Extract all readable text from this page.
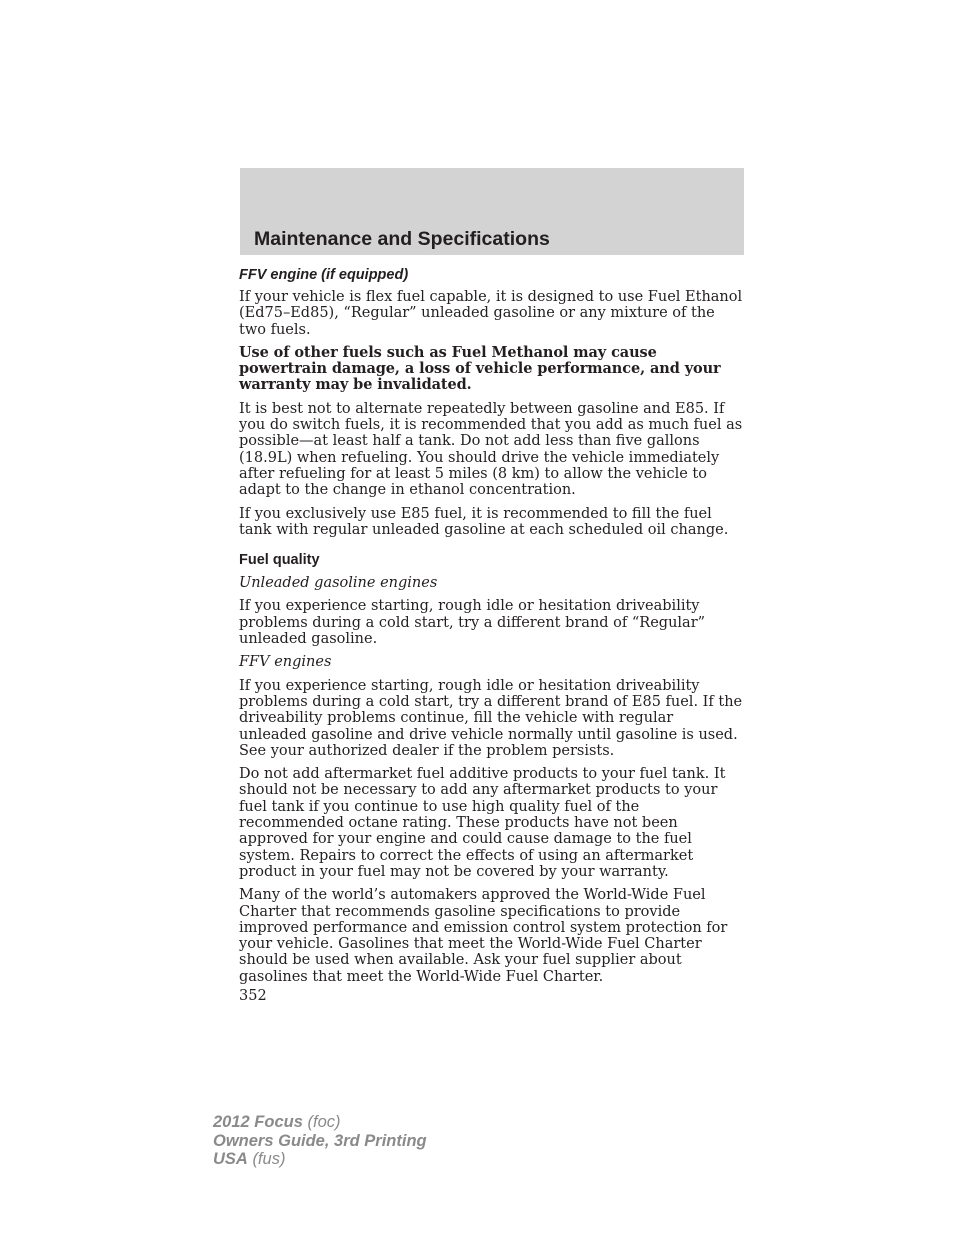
Maintenance and Specifications
FFV engine (if equipped)

If your vehicle is flex fuel capable, it is designed to use Fuel Ethanol (Ed75–Ed85), “Regular” unleaded gasoline or any mixture of the two fuels.

Use of other fuels such as Fuel Methanol may cause powertrain damage, a loss of vehicle performance, and your warranty may be invalidated.

It is best not to alternate repeatedly between gasoline and E85. If you do switch fuels, it is recommended that you add as much fuel as possible—at least half a tank. Do not add less than five gallons (18.9L) when refueling. You should drive the vehicle immediately after refueling for at least 5 miles (8 km) to allow the vehicle to adapt to the change in ethanol concentration.

If you exclusively use E85 fuel, it is recommended to fill the fuel tank with regular unleaded gasoline at each scheduled oil change.

Fuel quality

Unleaded gasoline engines

If you experience starting, rough idle or hesitation driveability problems during a cold start, try a different brand of “Regular” unleaded gasoline.

FFV engines

If you experience starting, rough idle or hesitation driveability problems during a cold start, try a different brand of E85 fuel. If the driveability problems continue, fill the vehicle with regular unleaded gasoline and drive vehicle normally until gasoline is used. See your authorized dealer if the problem persists.

Do not add aftermarket fuel additive products to your fuel tank. It should not be necessary to add any aftermarket products to your fuel tank if you continue to use high quality fuel of the recommended octane rating. These products have not been approved for your engine and could cause damage to the fuel system. Repairs to correct the effects of using an aftermarket product in your fuel may not be covered by your warranty.

Many of the world’s automakers approved the World-Wide Fuel Charter that recommends gasoline specifications to provide improved performance and emission control system protection for your vehicle. Gasolines that meet the World-Wide Fuel Charter should be used when available. Ask your fuel supplier about gasolines that meet the World-Wide Fuel Charter.

352
2012 Focus (foc)
Owners Guide, 3rd Printing
USA (fus)
